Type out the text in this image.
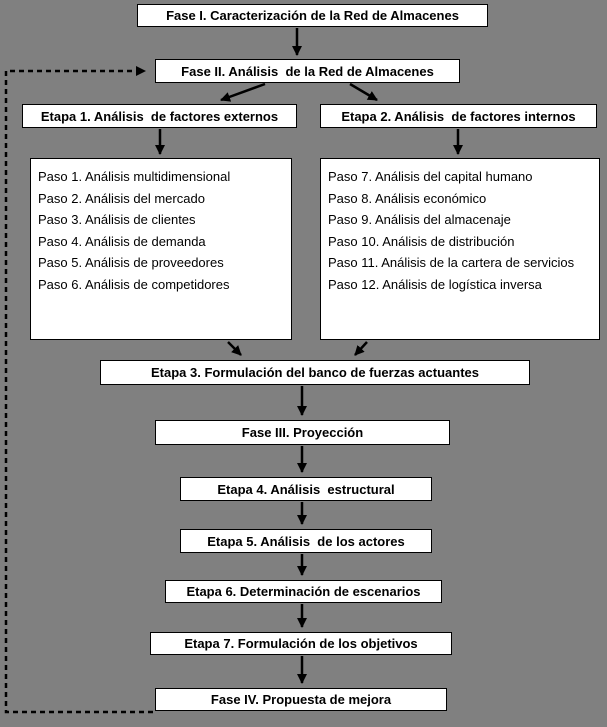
Fase I. Caracterización de la Red de Almacenes
Fase II. Análisis  de la Red de Almacenes
Etapa 1. Análisis  de factores externos	Etapa 2. Análisis  de factores internos
Paso 1. Análisis multidimensional
Paso 2. Análisis del mercado
Paso 3. Análisis de clientes
Paso 4. Análisis de demanda
Paso 5. Análisis de proveedores
Paso 6. Análisis de competidores
Paso 7. Análisis del capital humano
Paso 8. Análisis económico
Paso 9. Análisis del almacenaje
Paso 10. Análisis de distribución
Paso 11. Análisis de la cartera de servicios
Paso 12. Análisis de logística inversa
Etapa 3. Formulación del banco de fuerzas actuantes
Fase III. Proyección
Etapa 4. Análisis  estructural
Etapa 5. Análisis  de los actores
Etapa 6. Determinación de escenarios
Etapa 7. Formulación de los objetivos
Fase IV. Propuesta de mejora
